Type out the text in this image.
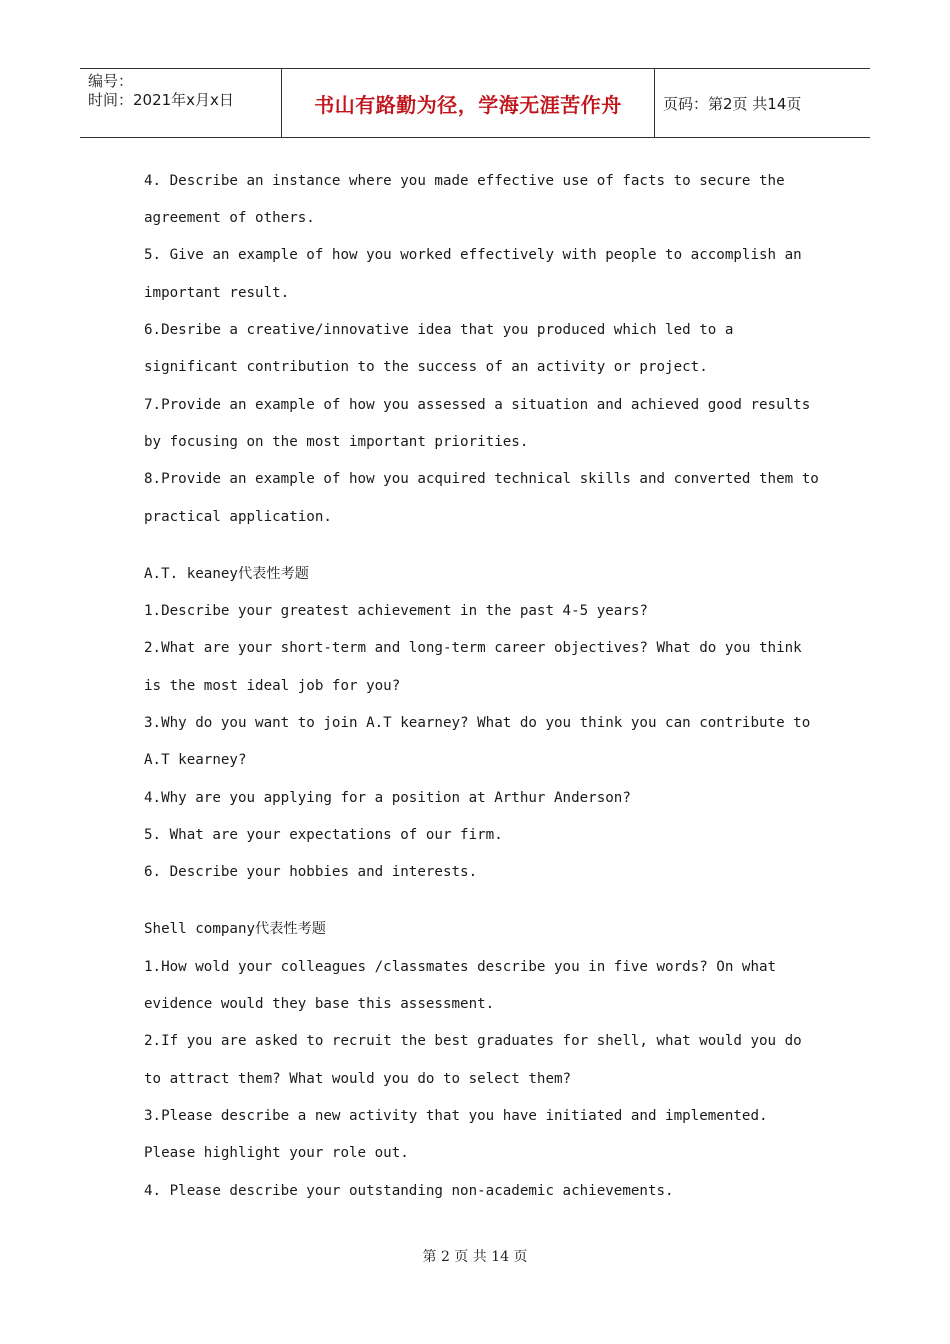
编号：
时间：2021年x月x日	书山有路勤为径，学海无涯苦作舟	页码：第2页 共14页
4. Describe an instance where you made effective use of facts to secure the
agreement of others.
5. Give an example of how you worked effectively with people to accomplish an
important result.
6.Desribe a creative/innovative idea that you produced which led to a
significant contribution to the success of an activity or project.
7.Provide an example of how you assessed a situation and achieved good results
by focusing on the most important priorities.
8.Provide an example of how you acquired technical skills and converted them to
practical application.
A.T. keaney代表性考题
1.Describe your greatest achievement in the past 4-5 years?
2.What are your short-term and long-term career objectives? What do you think
is the most ideal job for you?
3.Why do you want to join A.T kearney? What do you think you can contribute to
A.T kearney?
4.Why are you applying for a position at Arthur Anderson?
5. What are your expectations of our firm.
6. Describe your hobbies and interests.
Shell company代表性考题
1.How wold your colleagues /classmates describe you in five words? On what
evidence would they base this assessment.
2.If you are asked to recruit the best graduates for shell, what would you do
to attract them? What would you do to select them?
3.Please describe a new activity that you have initiated and implemented.
Please highlight your role out.
4. Please describe your outstanding non-academic achievements.
第 2 页 共 14 页
